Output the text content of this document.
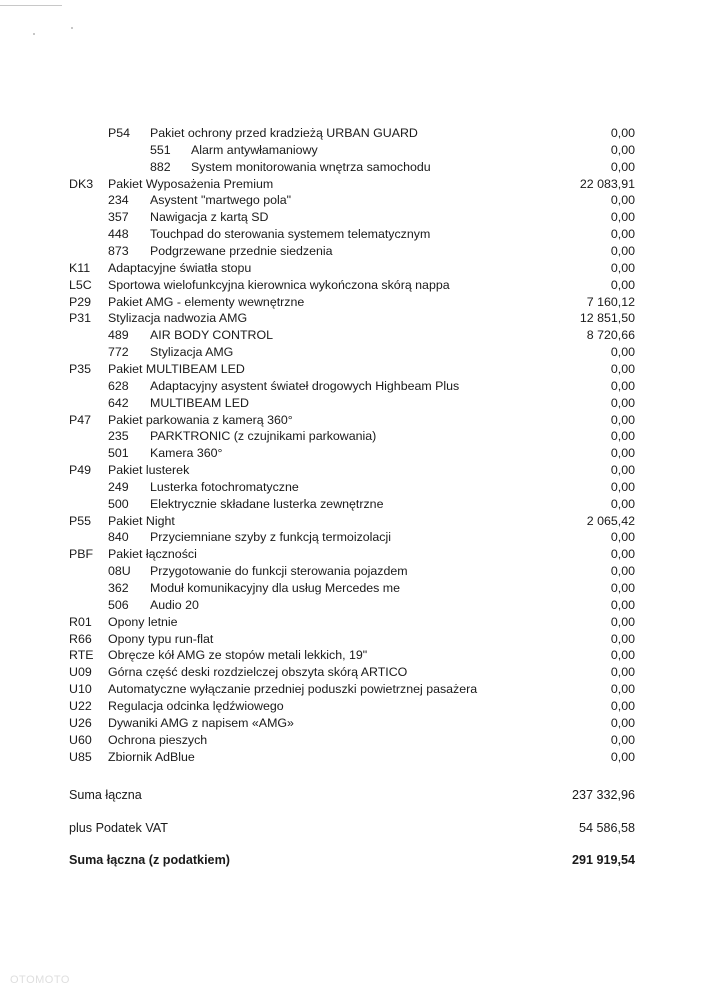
P54 Pakiet ochrony przed kradzieżą URBAN GUARD	0,00
551 Alarm antywłamaniowy	0,00
882 System monitorowania wnętrza samochodu	0,00
DK3 Pakiet Wyposażenia Premium	22 083,91
234 Asystent "martwego pola"	0,00
357 Nawigacja z kartą SD	0,00
448 Touchpad do sterowania systemem telematycznym	0,00
873 Podgrzewane przednie siedzenia	0,00
K11 Adaptacyjne światła stopu	0,00
L5C Sportowa wielofunkcyjna kierownica wykończona skórą nappa	0,00
P29 Pakiet AMG - elementy wewnętrzne	7 160,12
P31 Stylizacja nadwozia AMG	12 851,50
489 AIR BODY CONTROL	8 720,66
772 Stylizacja AMG	0,00
P35 Pakiet MULTIBEAM LED	0,00
628 Adaptacyjny asystent świateł drogowych Highbeam Plus	0,00
642 MULTIBEAM LED	0,00
P47 Pakiet parkowania z kamerą 360°	0,00
235 PARKTRONIC (z czujnikami parkowania)	0,00
501 Kamera 360°	0,00
P49 Pakiet lusterek	0,00
249 Lusterka fotochromatyczne	0,00
500 Elektrycznie składane lusterka zewnętrzne	0,00
P55 Pakiet Night	2 065,42
840 Przyciemniane szyby z funkcją termoizolacji	0,00
PBF Pakiet łączności	0,00
08U Przygotowanie do funkcji sterowania pojazdem	0,00
362 Moduł komunikacyjny dla usług Mercedes me	0,00
506 Audio 20	0,00
R01 Opony letnie	0,00
R66 Opony typu run-flat	0,00
RTE Obręcze kół AMG ze stopów metali lekkich, 19"	0,00
U09 Górna część deski rozdzielczej obszyta skórą ARTICO	0,00
U10 Automatyczne wyłączanie przedniej poduszki powietrznej pasażera	0,00
U22 Regulacja odcinka lędźwiowego	0,00
U26 Dywaniki AMG z napisem «AMG»	0,00
U60 Ochrona pieszych	0,00
U85 Zbiornik AdBlue	0,00
Suma łączna	237 332,96
plus Podatek VAT	54 586,58
Suma łączna (z podatkiem)	291 919,54
OTOMOTO
